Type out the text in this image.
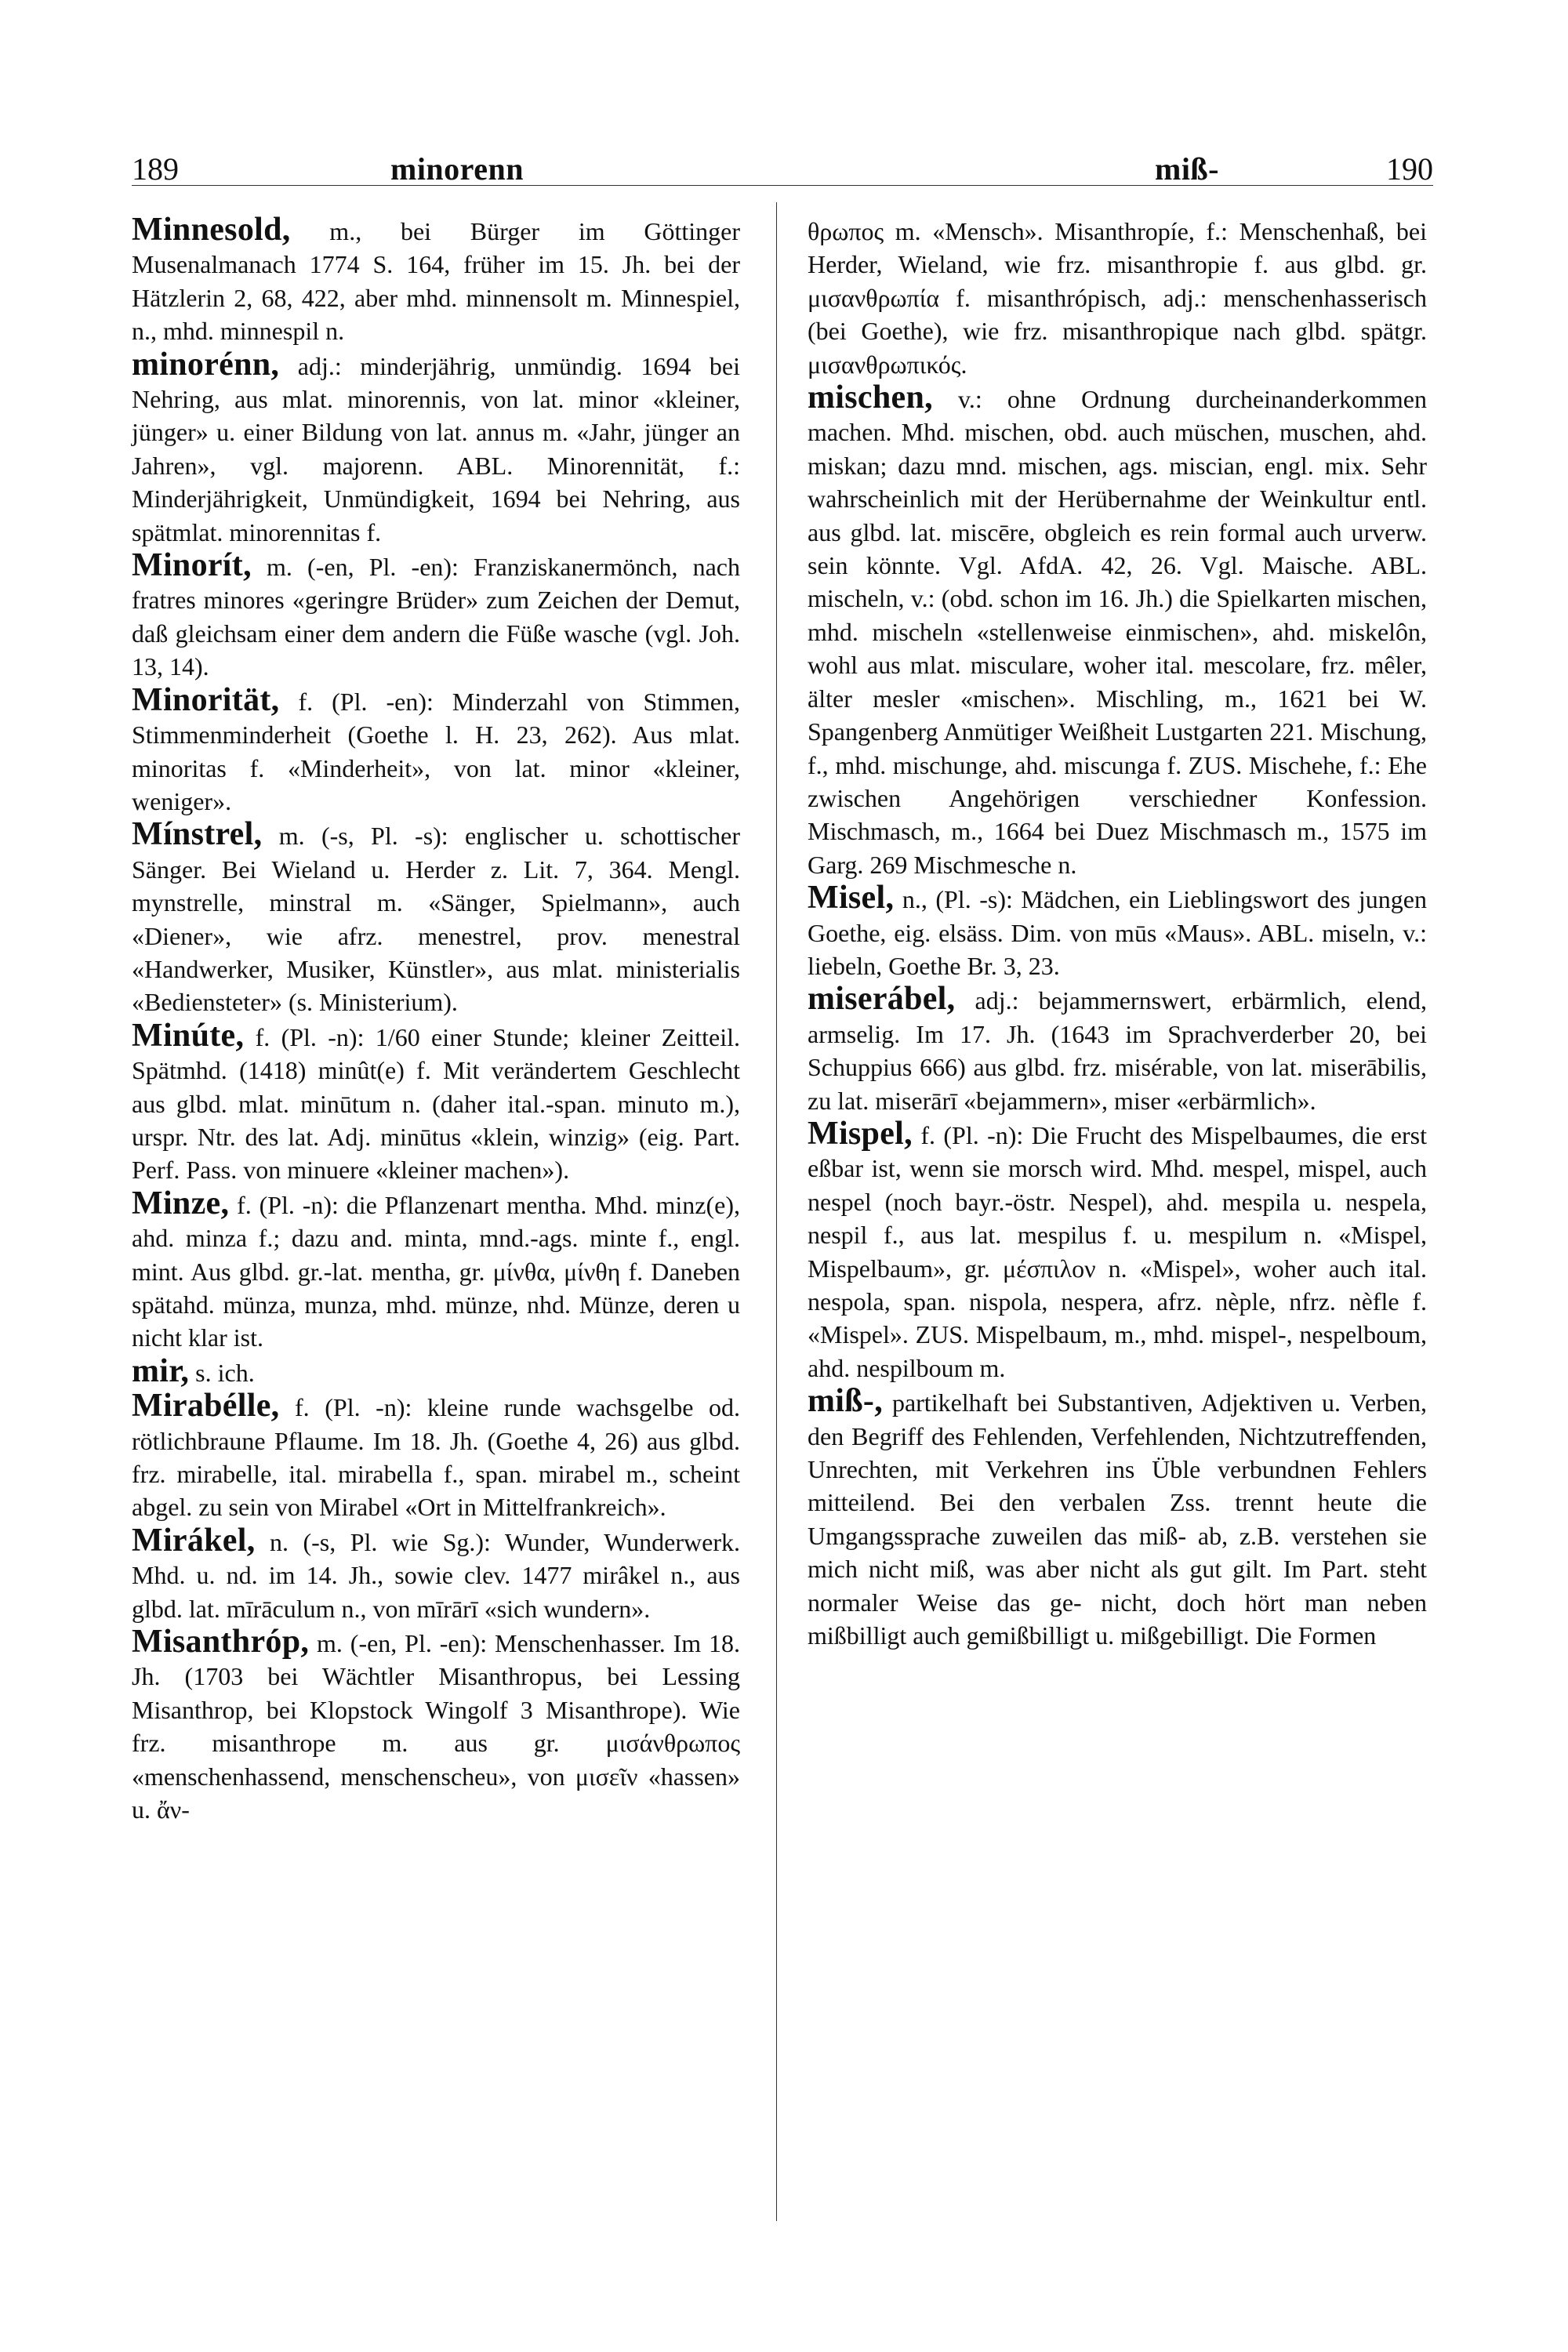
189	minorenn	miß-	190

Minnesold, m., bei Bürger im Göttinger Musenalmanach 1774 S. 164, früher im 15. Jh. bei der Hätzlerin 2, 68, 422, aber mhd. minnensolt m. Minnespiel, n., mhd. minnespil n.

minorénn, adj.: minderjährig, unmündig. 1694 bei Nehring, aus mlat. minorennis, von lat. minor «kleiner, jünger» u. einer Bildung von lat. annus m. «Jahr, jünger an Jahren», vgl. majorenn. ABL. Minorennität, f.: Minderjährigkeit, Unmündigkeit, 1694 bei Nehring, aus spätmlat. minorennitas f.

Minorít, m. (-en, Pl. -en): Franziskanermönch, nach fratres minores «geringre Brüder» zum Zeichen der Demut, daß gleichsam einer dem andern die Füße wasche (vgl. Joh. 13, 14).

Minorität, f. (Pl. -en): Minderzahl von Stimmen, Stimmenminderheit (Goethe l. H. 23, 262). Aus mlat. minoritas f. «Minderheit», von lat. minor «kleiner, weniger».

Mínstrel, m. (-s, Pl. -s): englischer u. schottischer Sänger. Bei Wieland u. Herder z. Lit. 7, 364. Mengl. mynstrelle, minstral m. «Sänger, Spielmann», auch «Diener», wie afrz. menestrel, prov. menestral «Handwerker, Musiker, Künstler», aus mlat. ministerialis «Bediensteter» (s. Ministerium).

Minúte, f. (Pl. -n): 1/60 einer Stunde; kleiner Zeitteil. Spätmhd. (1418) minût(e) f. Mit verändertem Geschlecht aus glbd. mlat. minūtum n. (daher ital.-span. minuto m.), urspr. Ntr. des lat. Adj. minūtus «klein, winzig» (eig. Part. Perf. Pass. von minuere «kleiner machen»).

Minze, f. (Pl. -n): die Pflanzenart mentha. Mhd. minz(e), ahd. minza f.; dazu and. minta, mnd.-ags. minte f., engl. mint. Aus glbd. gr.-lat. mentha, gr. μίνθα, μίνθη f. Daneben spätahd. münza, munza, mhd. münze, nhd. Münze, deren u nicht klar ist.

mir, s. ich.

Mirabélle, f. (Pl. -n): kleine runde wachsgelbe od. rötlichbraune Pflaume. Im 18. Jh. (Goethe 4, 26) aus glbd. frz. mirabelle, ital. mirabella f., span. mirabel m., scheint abgel. zu sein von Mirabel «Ort in Mittelfrankreich».

Mirákel, n. (-s, Pl. wie Sg.): Wunder, Wunderwerk. Mhd. u. nd. im 14. Jh., sowie clev. 1477 mirâkel n., aus glbd. lat. mīrāculum n., von mīrārī «sich wundern».

Misanthróp, m. (-en, Pl. -en): Menschenhasser. Im 18. Jh. (1703 bei Wächtler Misanthropus, bei Lessing Misanthrop, bei Klopstock Wingolf 3 Misanthrope). Wie frz. misanthrope m. aus gr. μισάνθρωπος «menschenhassend, menschenscheu», von μισεῖν «hassen» u. ἄν-

θρωπος m. «Mensch». Misanthropíe, f.: Menschenhaß, bei Herder, Wieland, wie frz. misanthropie f. aus glbd. gr. μισανθρωπία f. misanthrópisch, adj.: menschenhasserisch (bei Goethe), wie frz. misanthropique nach glbd. spätgr. μισανθρωπικός.

mischen, v.: ohne Ordnung durcheinanderkommen machen. Mhd. mischen, obd. auch müschen, muschen, ahd. miskan; dazu mnd. mischen, ags. miscian, engl. mix. Sehr wahrscheinlich mit der Herübernahme der Weinkultur entl. aus glbd. lat. miscēre, obgleich es rein formal auch urverw. sein könnte. Vgl. AfdA. 42, 26. Vgl. Maische. ABL. mischeln, v.: (obd. schon im 16. Jh.) die Spielkarten mischen, mhd. mischeln «stellenweise einmischen», ahd. miskelôn, wohl aus mlat. misculare, woher ital. mescolare, frz. mêler, älter mesler «mischen». Mischling, m., 1621 bei W. Spangenberg Anmütiger Weißheit Lustgarten 221. Mischung, f., mhd. mischunge, ahd. miscunga f. ZUS. Mischehe, f.: Ehe zwischen Angehörigen verschiedner Konfession. Mischmasch, m., 1664 bei Duez Mischmasch m., 1575 im Garg. 269 Mischmesche n.

Misel, n., (Pl. -s): Mädchen, ein Lieblingswort des jungen Goethe, eig. elsäss. Dim. von mūs «Maus». ABL. miseln, v.: liebeln, Goethe Br. 3, 23.

miserábel, adj.: bejammernswert, erbärmlich, elend, armselig. Im 17. Jh. (1643 im Sprachverderber 20, bei Schuppius 666) aus glbd. frz. misérable, von lat. miserābilis, zu lat. miserārī «bejammern», miser «erbärmlich».

Mispel, f. (Pl. -n): Die Frucht des Mispelbaumes, die erst eßbar ist, wenn sie morsch wird. Mhd. mespel, mispel, auch nespel (noch bayr.-östr. Nespel), ahd. mespila u. nespela, nespil f., aus lat. mespilus f. u. mespilum n. «Mispel, Mispelbaum», gr. μέσπιλον n. «Mispel», woher auch ital. nespola, span. nispola, nespera, afrz. nèple, nfrz. nèfle f. «Mispel». ZUS. Mispelbaum, m., mhd. mispel-, nespelboum, ahd. nespilboum m.

miß-, partikelhaft bei Substantiven, Adjektiven u. Verben, den Begriff des Fehlenden, Verfehlenden, Nichtzutreffenden, Unrechten, mit Verkehren ins Üble verbundnen Fehlers mitteilend. Bei den verbalen Zss. trennt heute die Umgangssprache zuweilen das miß- ab, z.B. verstehen sie mich nicht miß, was aber nicht als gut gilt. Im Part. steht normaler Weise das ge- nicht, doch hört man neben mißbilligt auch gemißbilligt u. mißgebilligt. Die Formen
